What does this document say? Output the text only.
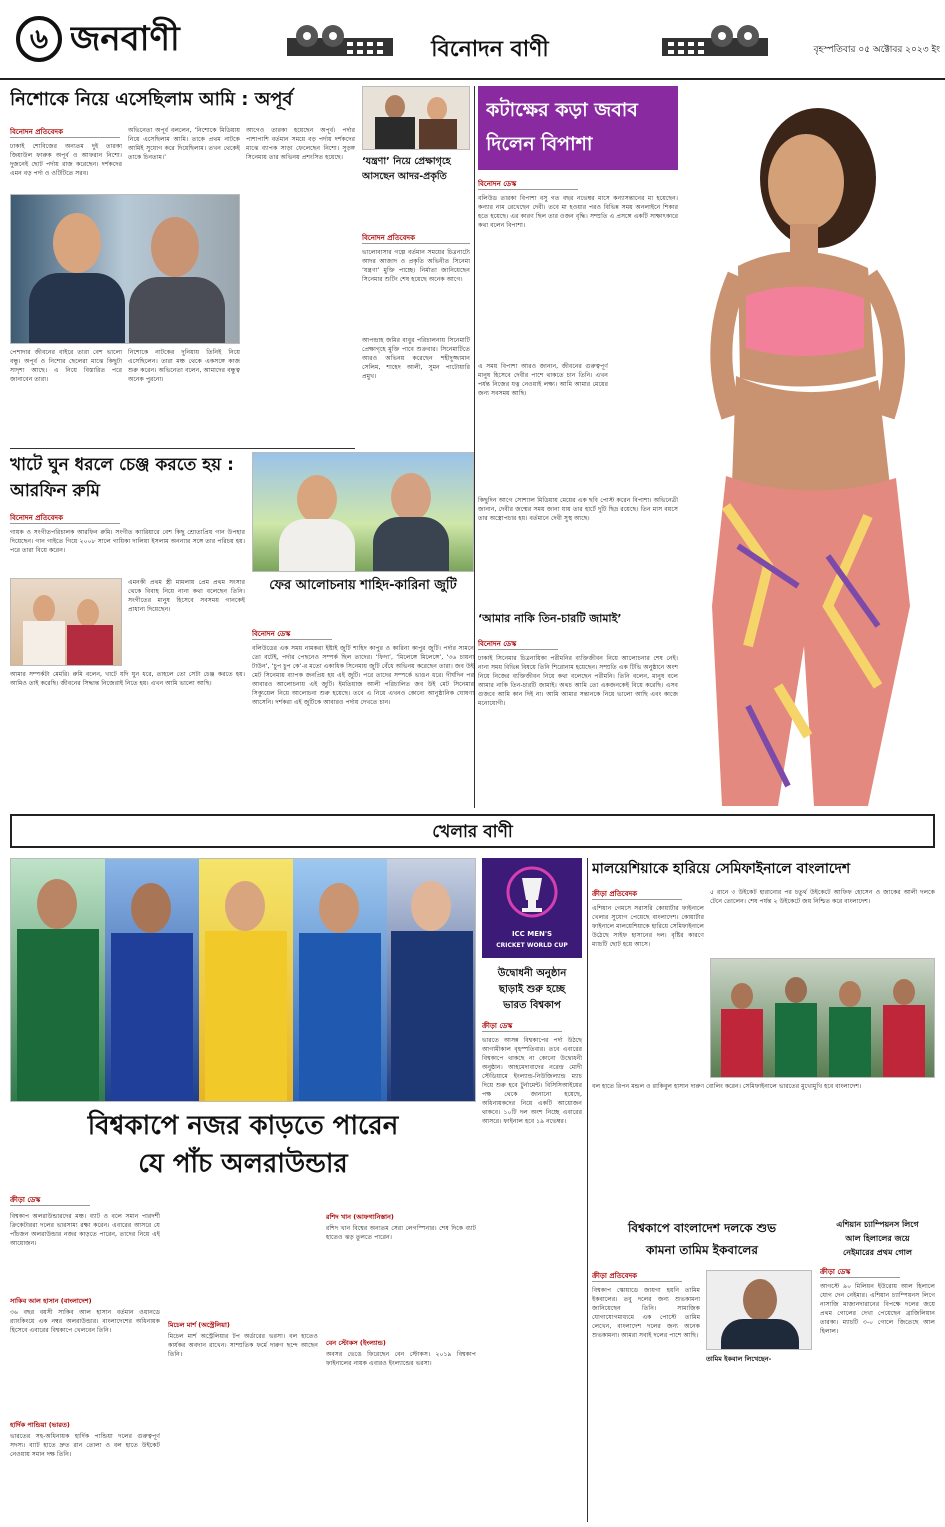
৬ জনবাণী	বিনোদন বাণী	বৃহস্পতিবার ০৫ অক্টোবর ২০২৩ ইং
নিশোকে নিয়ে এসেছিলাম আমি : অপূর্ব
বিনোদন প্রতিবেদক
ঢাকাই শোবিজের অন্যতম দুই তারকা জিয়াউল ফারুক অপূর্ব ও আফরান নিশো। দুজনেই ছোট পর্দায় রাজ করেছেন। দর্শকদের এমন বড় পর্দা ও ওটিটিতে সরব।
অভিনেতা অপূর্ব বললেন, ‘নিশোকে মিডিয়ায় নিয়ে এসেছিলাম আমি। তাকে প্রথম নাটকে আমিই সুযোগ করে দিয়েছিলাম। তখন থেকেই তাকে চিনতাম।’
আগেও তারকা হয়েছেন অপূর্ব। পর্দার পাশাপাশি বর্তমান সময়ে বড় পর্দায় দর্শকদের মাঝে ব্যাপক সাড়া ফেলেছেন নিশো। সুড়ঙ্গ সিনেমায় তার অভিনয় প্রশংসিত হয়েছে।
পেশাদার জীবনের বাইরে তারা বেশ ভালো বন্ধু। অপূর্ব ও নিশোর ছেলেরা মাঝে কিছুটা সাদৃশ্য আছে। এ নিয়ে বিস্তারিত পরে জানাবেন তারা।
নিশোকে নাটকের দুনিয়ায় তিনিই নিয়ে এসেছিলেন। তারা মঞ্চ থেকে একসঙ্গে কাজ শুরু করেন। অভিনেতা বলেন, আমাদের বন্ধুত্ব অনেক পুরনো।
খাটে ঘুন ধরলে চেঞ্জ করতে হয় : আরফিন রুমি
বিনোদন প্রতিবেদক
গায়ক ও সংগীতপরিচালক আরফিন রুমি। সংগীত ক্যারিয়ারে বেশ কিছু শ্রোতাপ্রিয় গান উপহার দিয়েছেন। গান গাইতে গিয়ে ২০০৮ সালে গায়িকা দালিয়া ইসলাম অনন্যার সঙ্গে তার পরিচয় হয়। পরে তারা বিয়ে করেন।
এমনকী প্রথম স্ত্রী মামলায় প্রেম প্রথম সংসার থেকে বিবাহ নিয়ে নানা কথা বলেছেন তিনি। সংগীতের মানুষ হিসেবে সবসময় গানকেই প্রাধান্য দিয়েছেন।
আমার সম্পর্কটা মেমরি। রুমি বলেন, খাটে যদি ঘুন ধরে, তাহলে তো সেটা চেঞ্জ করতে হয়। আমিও তাই করেছি। জীবনের সিদ্ধান্ত নিজেরাই নিতে হয়। এখন আমি ভালো আছি।
‘যন্ত্রণা’ নিয়ে প্রেক্ষাগৃহে আসছেন আদর-প্রকৃতি
বিনোদন প্রতিবেদক
ভালোবাসার গল্পে বর্তমান সময়ের চিত্রনাট্যে আদর আজাদ ও প্রকৃতি অভিনীত সিনেমা ‘যন্ত্রণা’ মুক্তি পাচ্ছে। নির্মাতা জানিয়েছেন সিনেমার শুটিং শেষ হয়েছে অনেক আগে।
আপন্দ্রাহ জমির বাবুর পরিচালনায় সিনেমাটি প্রেক্ষাগৃহে মুক্তি পাবে শুক্রবার। সিনেমাটিতে আরও অভিনয় করেছেন শহীদুজ্জামান সেলিম, শাহেদ আলী, সুমন পাটোয়ারি প্রমুখ।
কটাক্ষের কড়া জবাব
দিলেন বিপাশা
বিনোদন ডেস্ক
বলিউড তারকা বিপাশা বসু গত বছর নভেম্বর মাসে কন্যাসন্তানের মা হয়েছেন। কন্যার নাম রেখেছেন দেবী। তবে মা হওয়ার পরও বিভিন্ন সময় অনলাইনে শিকার হতে হয়েছে। এর কারণ ছিল তার ওজন বৃদ্ধি। সম্প্রতি এ প্রসঙ্গে একটি সাক্ষাৎকারে কথা বলেন বিপাশা।
এ সময় বিপাশা আরও জানান, জীবনের গুরুত্বপূর্ণ মানুষ হিসেবে দেবীর পাশে থাকতে চান তিনি। এখন পর্যন্ত নিজের যত্ন নেওয়াই লক্ষ্য। আমি আমার মেয়ের জন্য সবসময় আছি।
কিছুদিন আগে সোশ্যাল মিডিয়ায় মেয়ের এক ছবি পোস্ট করেন বিপাশা। অভিনেত্রী জানান, দেবীর জন্মের সময় জানা যায় তার হার্টে দুটি ছিদ্র রয়েছে। তিন মাস বয়সে তার অস্ত্রোপচার হয়। বর্তমানে দেবী সুস্থ আছে।
ফের আলোচনায় শাহিদ-কারিনা জুটি
বিনোদন ডেস্ক
বলিউডের এক সময় নামকরা ইষ্টাই জুটি শাহিদ কাপুর ও কারিনা কাপুর জুটি। পর্দার সামনে তো বটেই, পর্দার পেছনেও সম্পর্ক ছিল তাদের। ‘ফিদা’, ‘মিলেঙ্গে মিলেঙ্গে’, ‘৩৬ চায়না টাউন’, ‘চুপ চুপ কে’-র মতো একাধিক সিনেমায় জুটি বেঁধে অভিনয় করেছেন তারা। জব উই মেট সিনেমায় ব্যাপক জনপ্রিয় হয় এই জুটি। পরে তাদের সম্পর্কে ভাঙন ধরে। দীর্ঘদিন পর আবারও আলোচনায় এই জুটি। ইমতিয়াজ আলী পরিচালিত জব উই মেট সিনেমার সিক্যুয়েল নিয়ে আলোচনা শুরু হয়েছে। তবে এ নিয়ে এখনও কোনো আনুষ্ঠানিক ঘোষণা আসেনি। দর্শকরা এই জুটিকে আবারও পর্দায় দেখতে চান।
‘আমার নাকি তিন-চারটি জামাই’
বিনোদন ডেস্ক
ঢাকাই সিনেমার চিত্রনায়িকা পরীমনির ব্যক্তিজীবন নিয়ে আলোচনার শেষ নেই। নানা সময় বিভিন্ন বিষয়ে তিনি শিরোনাম হয়েছেন। সম্প্রতি এক টিভি অনুষ্ঠানে অংশ নিয়ে নিজের ব্যক্তিজীবন নিয়ে কথা বলেছেন পরীমনি। তিনি বলেন, মানুষ বলে আমার নাকি তিন-চারটি জামাই। অথচ আমি তো একজনকেই বিয়ে করেছি। এসব গুজবে আমি কান দিই না। আমি আমার সন্তানকে নিয়ে ভালো আছি এবং কাজে মনোযোগী।
খেলার বাণী
বিশ্বকাপে নজর কাড়তে পারেন
যে পাঁচ অলরাউন্ডার
ক্রীড়া ডেস্ক
বিশ্বকাপ অলরাউন্ডারদের মঞ্চ। ব্যাট ও বলে সমান পারদর্শী ক্রিকেটাররা দলের ভারসাম্য রক্ষা করেন। এবারের আসরে যে পাঁচজন অলরাউন্ডার নজর কাড়তে পারেন, তাদের নিয়ে এই আয়োজন।
সাকিব আল হাসান (বাংলাদেশ)
৩৬ বছর বয়সী সাকিব আল হাসান বর্তমান ওয়ানডে র‌্যাংকিংয়ে এক নম্বর অলরাউন্ডার। বাংলাদেশের অধিনায়ক হিসেবে এবারের বিশ্বকাপে খেলবেন তিনি।
হার্দিক পান্ডিয়া (ভারত)
ভারতের সহ-অধিনায়ক হার্দিক পান্ডিয়া দলের গুরুত্বপূর্ণ সদস্য। ব্যাট হাতে দ্রুত রান তোলা ও বল হাতে উইকেট নেওয়ায় সমান দক্ষ তিনি।
মিচেল মার্শ (অস্ট্রেলিয়া)
মিচেল মার্শ অস্ট্রেলিয়ার টপ অর্ডারের ভরসা। বল হাতেও কার্যকর অবদান রাখেন। সাম্প্রতিক ফর্মে দারুণ ছন্দে আছেন তিনি।
রশিদ খান (আফগানিস্তান)
রশিদ খান বিশ্বের অন্যতম সেরা লেগস্পিনার। শেষ দিকে ব্যাট হাতেও ঝড় তুলতে পারেন।
বেন স্টোকস (ইংল্যান্ড)
অবসর ভেঙে ফিরেছেন বেন স্টোকস। ২০১৯ বিশ্বকাপ ফাইনালের নায়ক এবারও ইংল্যান্ডের ভরসা।
ICC MEN'S
CRICKET WORLD CUP
উদ্বোধনী অনুষ্ঠান
ছাড়াই শুরু হচ্ছে
ভারত বিশ্বকাপ
ক্রীড়া ডেস্ক
ভারতে আসন্ন বিশ্বকাপের পর্দা উঠছে আগামীকাল বৃহস্পতিবার। তবে এবারের বিশ্বকাপে থাকছে না কোনো উদ্বোধনী অনুষ্ঠান। আহমেদাবাদের নরেন্দ্র মোদী স্টেডিয়ামে ইংল্যান্ড-নিউজিল্যান্ড ম্যাচ দিয়ে শুরু হবে টুর্নামেন্ট। বিসিসিআইয়ের পক্ষ থেকে জানানো হয়েছে, অধিনায়কদের নিয়ে একটি আয়োজন থাকবে। ১০টি দল অংশ নিচ্ছে এবারের আসরে। ফাইনাল হবে ১৯ নভেম্বর।
মালয়েশিয়াকে হারিয়ে সেমিফাইনালে বাংলাদেশ
ক্রীড়া প্রতিবেদক
এশিয়ান গেমসে সরাসরি কোয়ার্টার ফাইনালে খেলার সুযোগ পেয়েছে বাংলাদেশ। কোয়ার্টার ফাইনালে মালয়েশিয়াকে হারিয়ে সেমিফাইনালে উঠেছে সাইফ হাসানের দল। বৃষ্টির কারণে ম্যাচটি ছোট হয়ে আসে।
৫ রানে ৩ উইকেট হারানোর পর চতুর্থ উইকেটে আফিফ হোসেন ও জাকের আলী দলকে টেনে তোলেন। শেষ পর্যন্ত ২ উইকেটে জয় নিশ্চিত করে বাংলাদেশ।
বল হাতে রিপন মন্ডল ও রাকিবুল হাসান দারুণ বোলিং করেন। সেমিফাইনালে ভারতের মুখোমুখি হবে বাংলাদেশ।
বিশ্বকাপে বাংলাদেশ দলকে শুভ
কামনা তামিম ইকবালের
ক্রীড়া প্রতিবেদক
বিশ্বকাপ স্কোয়াডে জায়গা হয়নি তামিম ইকবালের। তবু দলের জন্য শুভকামনা জানিয়েছেন তিনি। সামাজিক যোগাযোগমাধ্যমে এক পোস্টে তামিম লেখেন, বাংলাদেশ দলের জন্য অনেক শুভকামনা। আমরা সবাই দলের পাশে আছি।
তামিম ইকবাল লিখেছেন-
এশিয়ান চ্যাম্পিয়নস লিগে
আল হিলালের জয়ে
নেইমারের প্রথম গোল
ক্রীড়া ডেস্ক
আগস্টে ৯০ মিলিয়ন ইউরোয় আল হিলালে যোগ দেন নেইমার। এশিয়ান চ্যাম্পিয়নস লিগে নাসাজি মাজানদারানের বিপক্ষে দলের জয়ে প্রথম গোলের দেখা পেয়েছেন ব্রাজিলিয়ান তারকা। ম্যাচটি ৩-০ গোলে জিতেছে আল হিলাল।
